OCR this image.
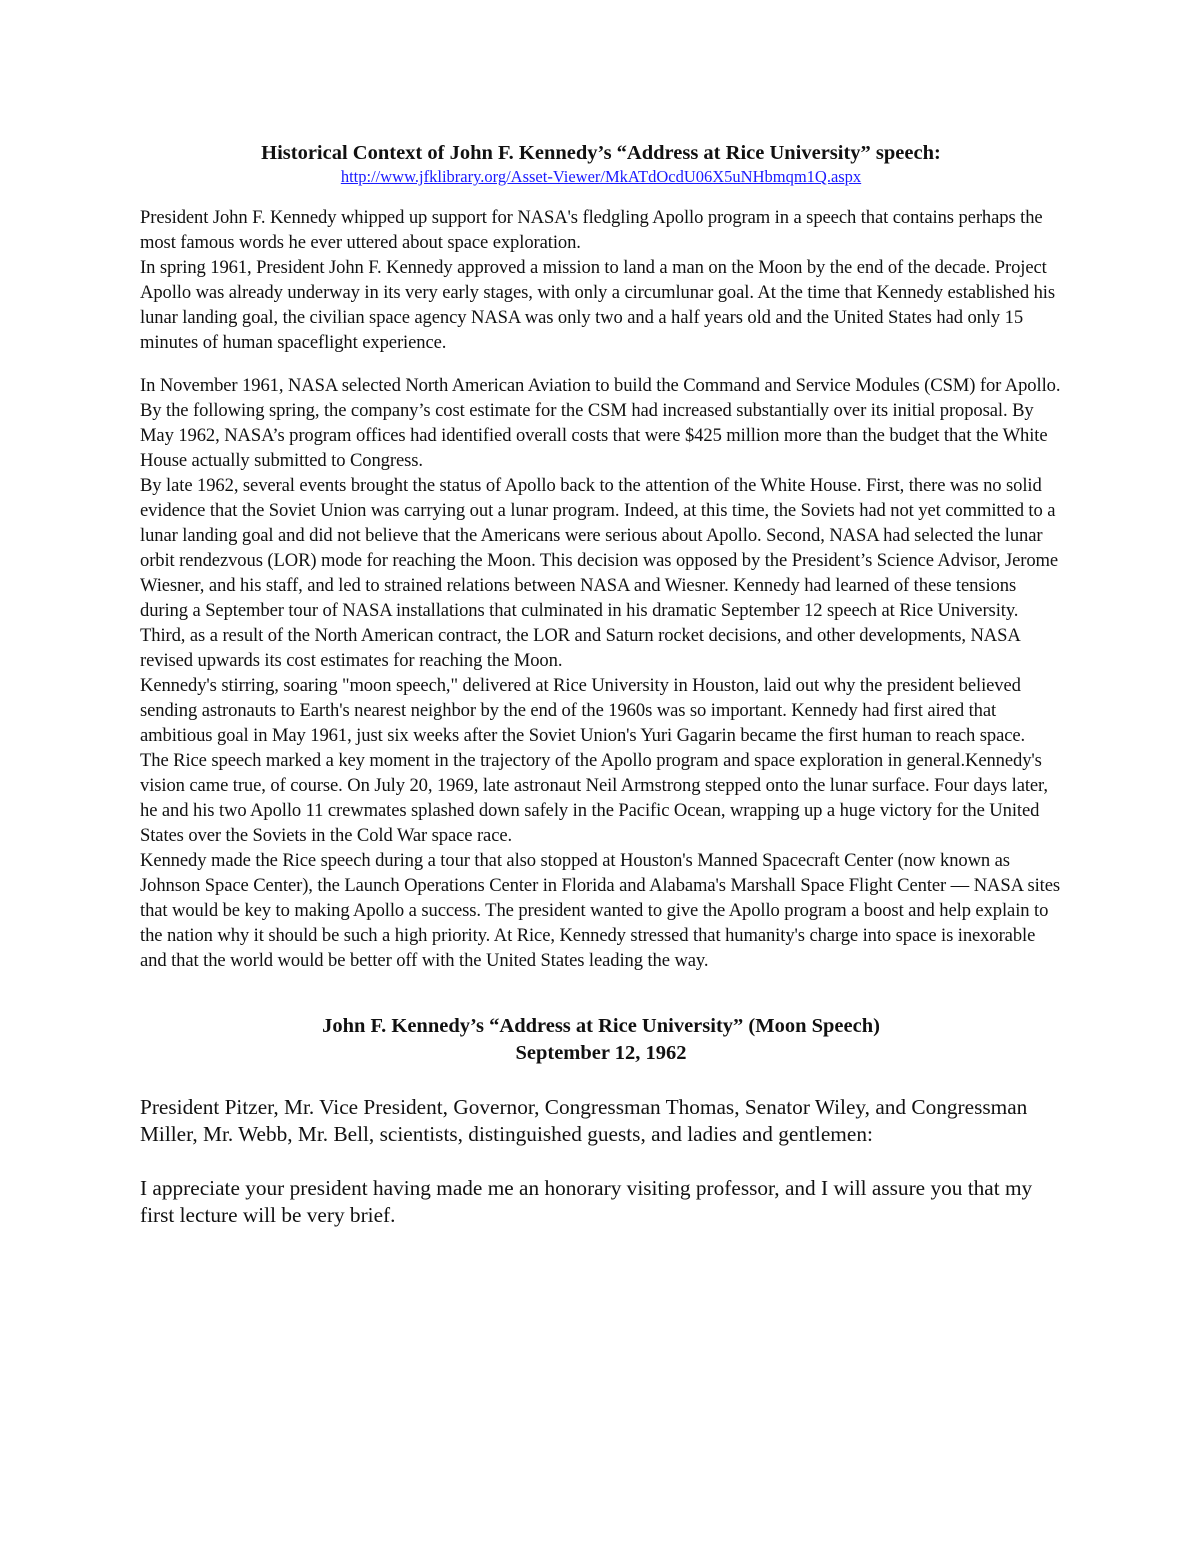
Historical Context of John F. Kennedy’s “Address at Rice University” speech:
http://www.jfklibrary.org/Asset-Viewer/MkATdOcdU06X5uNHbmqm1Q.aspx

President John F. Kennedy whipped up support for NASA's fledgling Apollo program in a speech that contains perhaps the most famous words he ever uttered about space exploration.

In spring 1961, President John F. Kennedy approved a mission to land a man on the Moon by the end of the decade. Project Apollo was already underway in its very early stages, with only a circumlunar goal. At the time that Kennedy established his lunar landing goal, the civilian space agency NASA was only two and a half years old and the United States had only 15 minutes of human spaceflight experience.

In November 1961, NASA selected North American Aviation to build the Command and Service Modules (CSM) for Apollo. By the following spring, the company’s cost estimate for the CSM had increased substantially over its initial proposal. By May 1962, NASA’s program offices had identified overall costs that were $425 million more than the budget that the White House actually submitted to Congress.

By late 1962, several events brought the status of Apollo back to the attention of the White House. First, there was no solid evidence that the Soviet Union was carrying out a lunar program. Indeed, at this time, the Soviets had not yet committed to a lunar landing goal and did not believe that the Americans were serious about Apollo. Second, NASA had selected the lunar orbit rendezvous (LOR) mode for reaching the Moon. This decision was opposed by the President’s Science Advisor, Jerome Wiesner, and his staff, and led to strained relations between NASA and Wiesner. Kennedy had learned of these tensions during a September tour of NASA installations that culminated in his dramatic September 12 speech at Rice University. Third, as a result of the North American contract, the LOR and Saturn rocket decisions, and other developments, NASA revised upwards its cost estimates for reaching the Moon.

Kennedy's stirring, soaring "moon speech," delivered at Rice University in Houston, laid out why the president believed sending astronauts to Earth's nearest neighbor by the end of the 1960s was so important. Kennedy had first aired that ambitious goal in May 1961, just six weeks after the Soviet Union's Yuri Gagarin became the first human to reach space.

The Rice speech marked a key moment in the trajectory of the Apollo program and space exploration in general.Kennedy's vision came true, of course. On July 20, 1969, late astronaut Neil Armstrong stepped onto the lunar surface. Four days later, he and his two Apollo 11 crewmates splashed down safely in the Pacific Ocean, wrapping up a huge victory for the United States over the Soviets in the Cold War space race.

Kennedy made the Rice speech during a tour that also stopped at Houston's Manned Spacecraft Center (now known as Johnson Space Center), the Launch Operations Center in Florida and Alabama's Marshall Space Flight Center — NASA sites that would be key to making Apollo a success. The president wanted to give the Apollo program a boost and help explain to the nation why it should be such a high priority. At Rice, Kennedy stressed that humanity's charge into space is inexorable and that the world would be better off with the United States leading the way.

John F. Kennedy’s “Address at Rice University” (Moon Speech)
September 12, 1962

President Pitzer, Mr. Vice President, Governor, Congressman Thomas, Senator Wiley, and Congressman Miller, Mr. Webb, Mr. Bell, scientists, distinguished guests, and ladies and gentlemen:

I appreciate your president having made me an honorary visiting professor, and I will assure you that my first lecture will be very brief.
